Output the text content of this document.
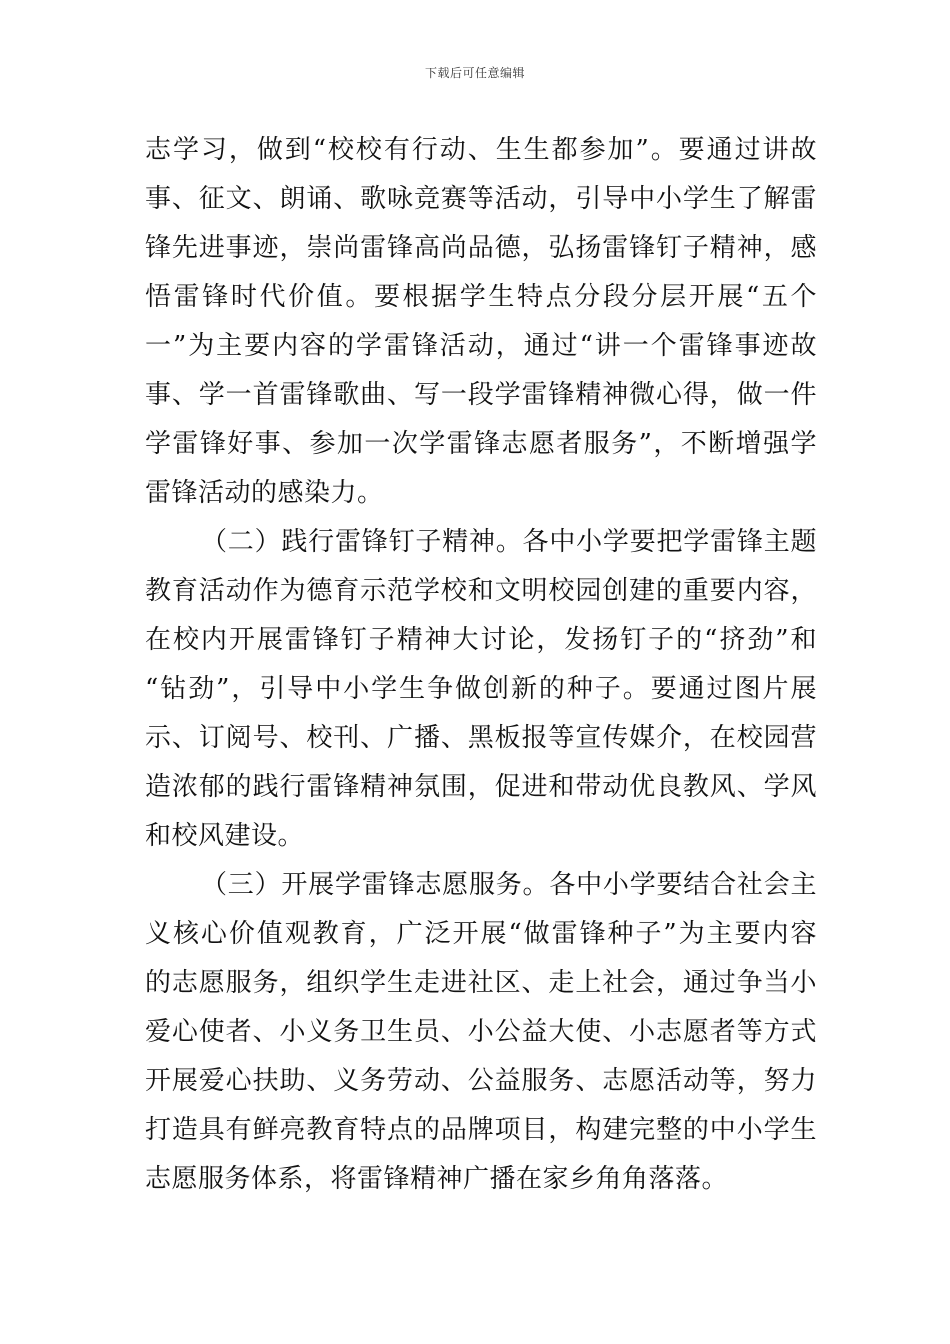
下载后可任意编辑
志学习，做到“校校有行动、生生都参加”。要通过讲故
事、征文、朗诵、歌咏竞赛等活动，引导中小学生了解雷
锋先进事迹，崇尚雷锋高尚品德，弘扬雷锋钉子精神，感
悟雷锋时代价值。要根据学生特点分段分层开展“五个
一”为主要内容的学雷锋活动，通过“讲一个雷锋事迹故
事、学一首雷锋歌曲、写一段学雷锋精神微心得，做一件
学雷锋好事、参加一次学雷锋志愿者服务”，不断增强学
雷锋活动的感染力。
（二）践行雷锋钉子精神。各中小学要把学雷锋主题
教育活动作为德育示范学校和文明校园创建的重要内容，
在校内开展雷锋钉子精神大讨论，发扬钉子的“挤劲”和
“钻劲”，引导中小学生争做创新的种子。要通过图片展
示、订阅号、校刊、广播、黑板报等宣传媒介，在校园营
造浓郁的践行雷锋精神氛围，促进和带动优良教风、学风
和校风建设。
（三）开展学雷锋志愿服务。各中小学要结合社会主
义核心价值观教育，广泛开展“做雷锋种子”为主要内容
的志愿服务，组织学生走进社区、走上社会，通过争当小
爱心使者、小义务卫生员、小公益大使、小志愿者等方式
开展爱心扶助、义务劳动、公益服务、志愿活动等，努力
打造具有鲜亮教育特点的品牌项目，构建完整的中小学生
志愿服务体系，将雷锋精神广播在家乡角角落落。
